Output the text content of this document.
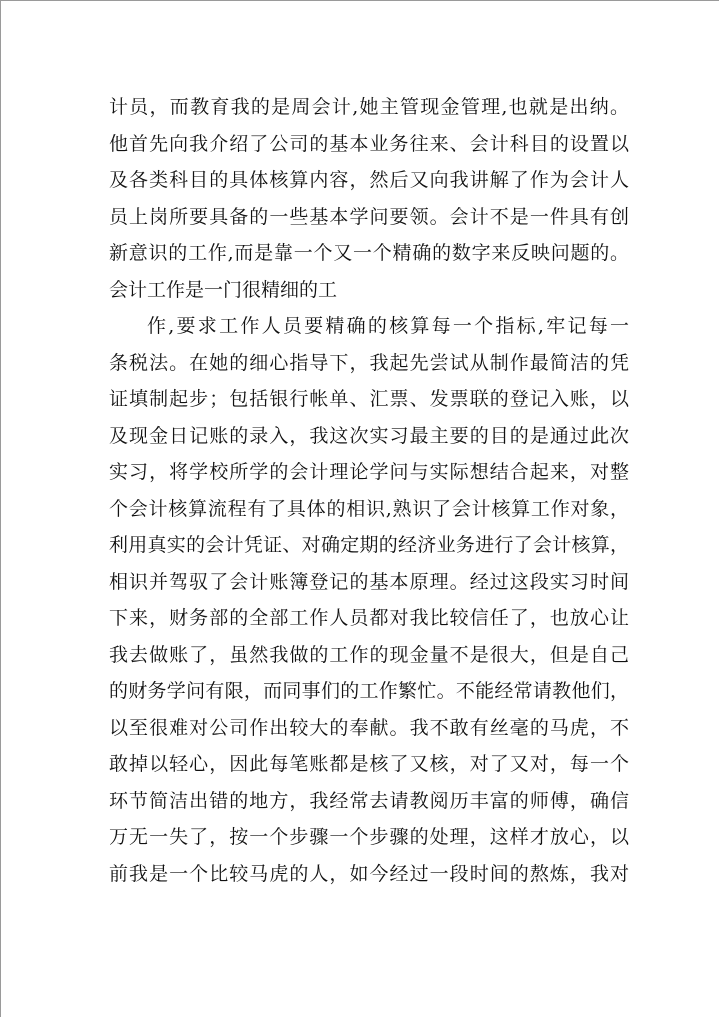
计员，而教育我的是周会计,她主管现金管理,也就是出纳。
他首先向我介绍了公司的基本业务往来、会计科目的设置以
及各类科目的具体核算内容，然后又向我讲解了作为会计人
员上岗所要具备的一些基本学问要领。会计不是一件具有创
新意识的工作,而是靠一个又一个精确的数字来反映问题的。
会计工作是一门很精细的工
作,要求工作人员要精确的核算每一个指标,牢记每一
条税法。在她的细心指导下，我起先尝试从制作最简洁的凭
证填制起步；包括银行帐单、汇票、发票联的登记入账，以
及现金日记账的录入，我这次实习最主要的目的是通过此次
实习，将学校所学的会计理论学问与实际想结合起来，对整
个会计核算流程有了具体的相识,熟识了会计核算工作对象，
利用真实的会计凭证、对确定期的经济业务进行了会计核算，
相识并驾驭了会计账簿登记的基本原理。经过这段实习时间
下来，财务部的全部工作人员都对我比较信任了，也放心让
我去做账了，虽然我做的工作的现金量不是很大，但是自己
的财务学问有限，而同事们的工作繁忙。不能经常请教他们，
以至很难对公司作出较大的奉献。我不敢有丝毫的马虎，不
敢掉以轻心，因此每笔账都是核了又核，对了又对，每一个
环节简洁出错的地方，我经常去请教阅历丰富的师傅，确信
万无一失了，按一个步骤一个步骤的处理，这样才放心，以
前我是一个比较马虎的人，如今经过一段时间的熬炼，我对
